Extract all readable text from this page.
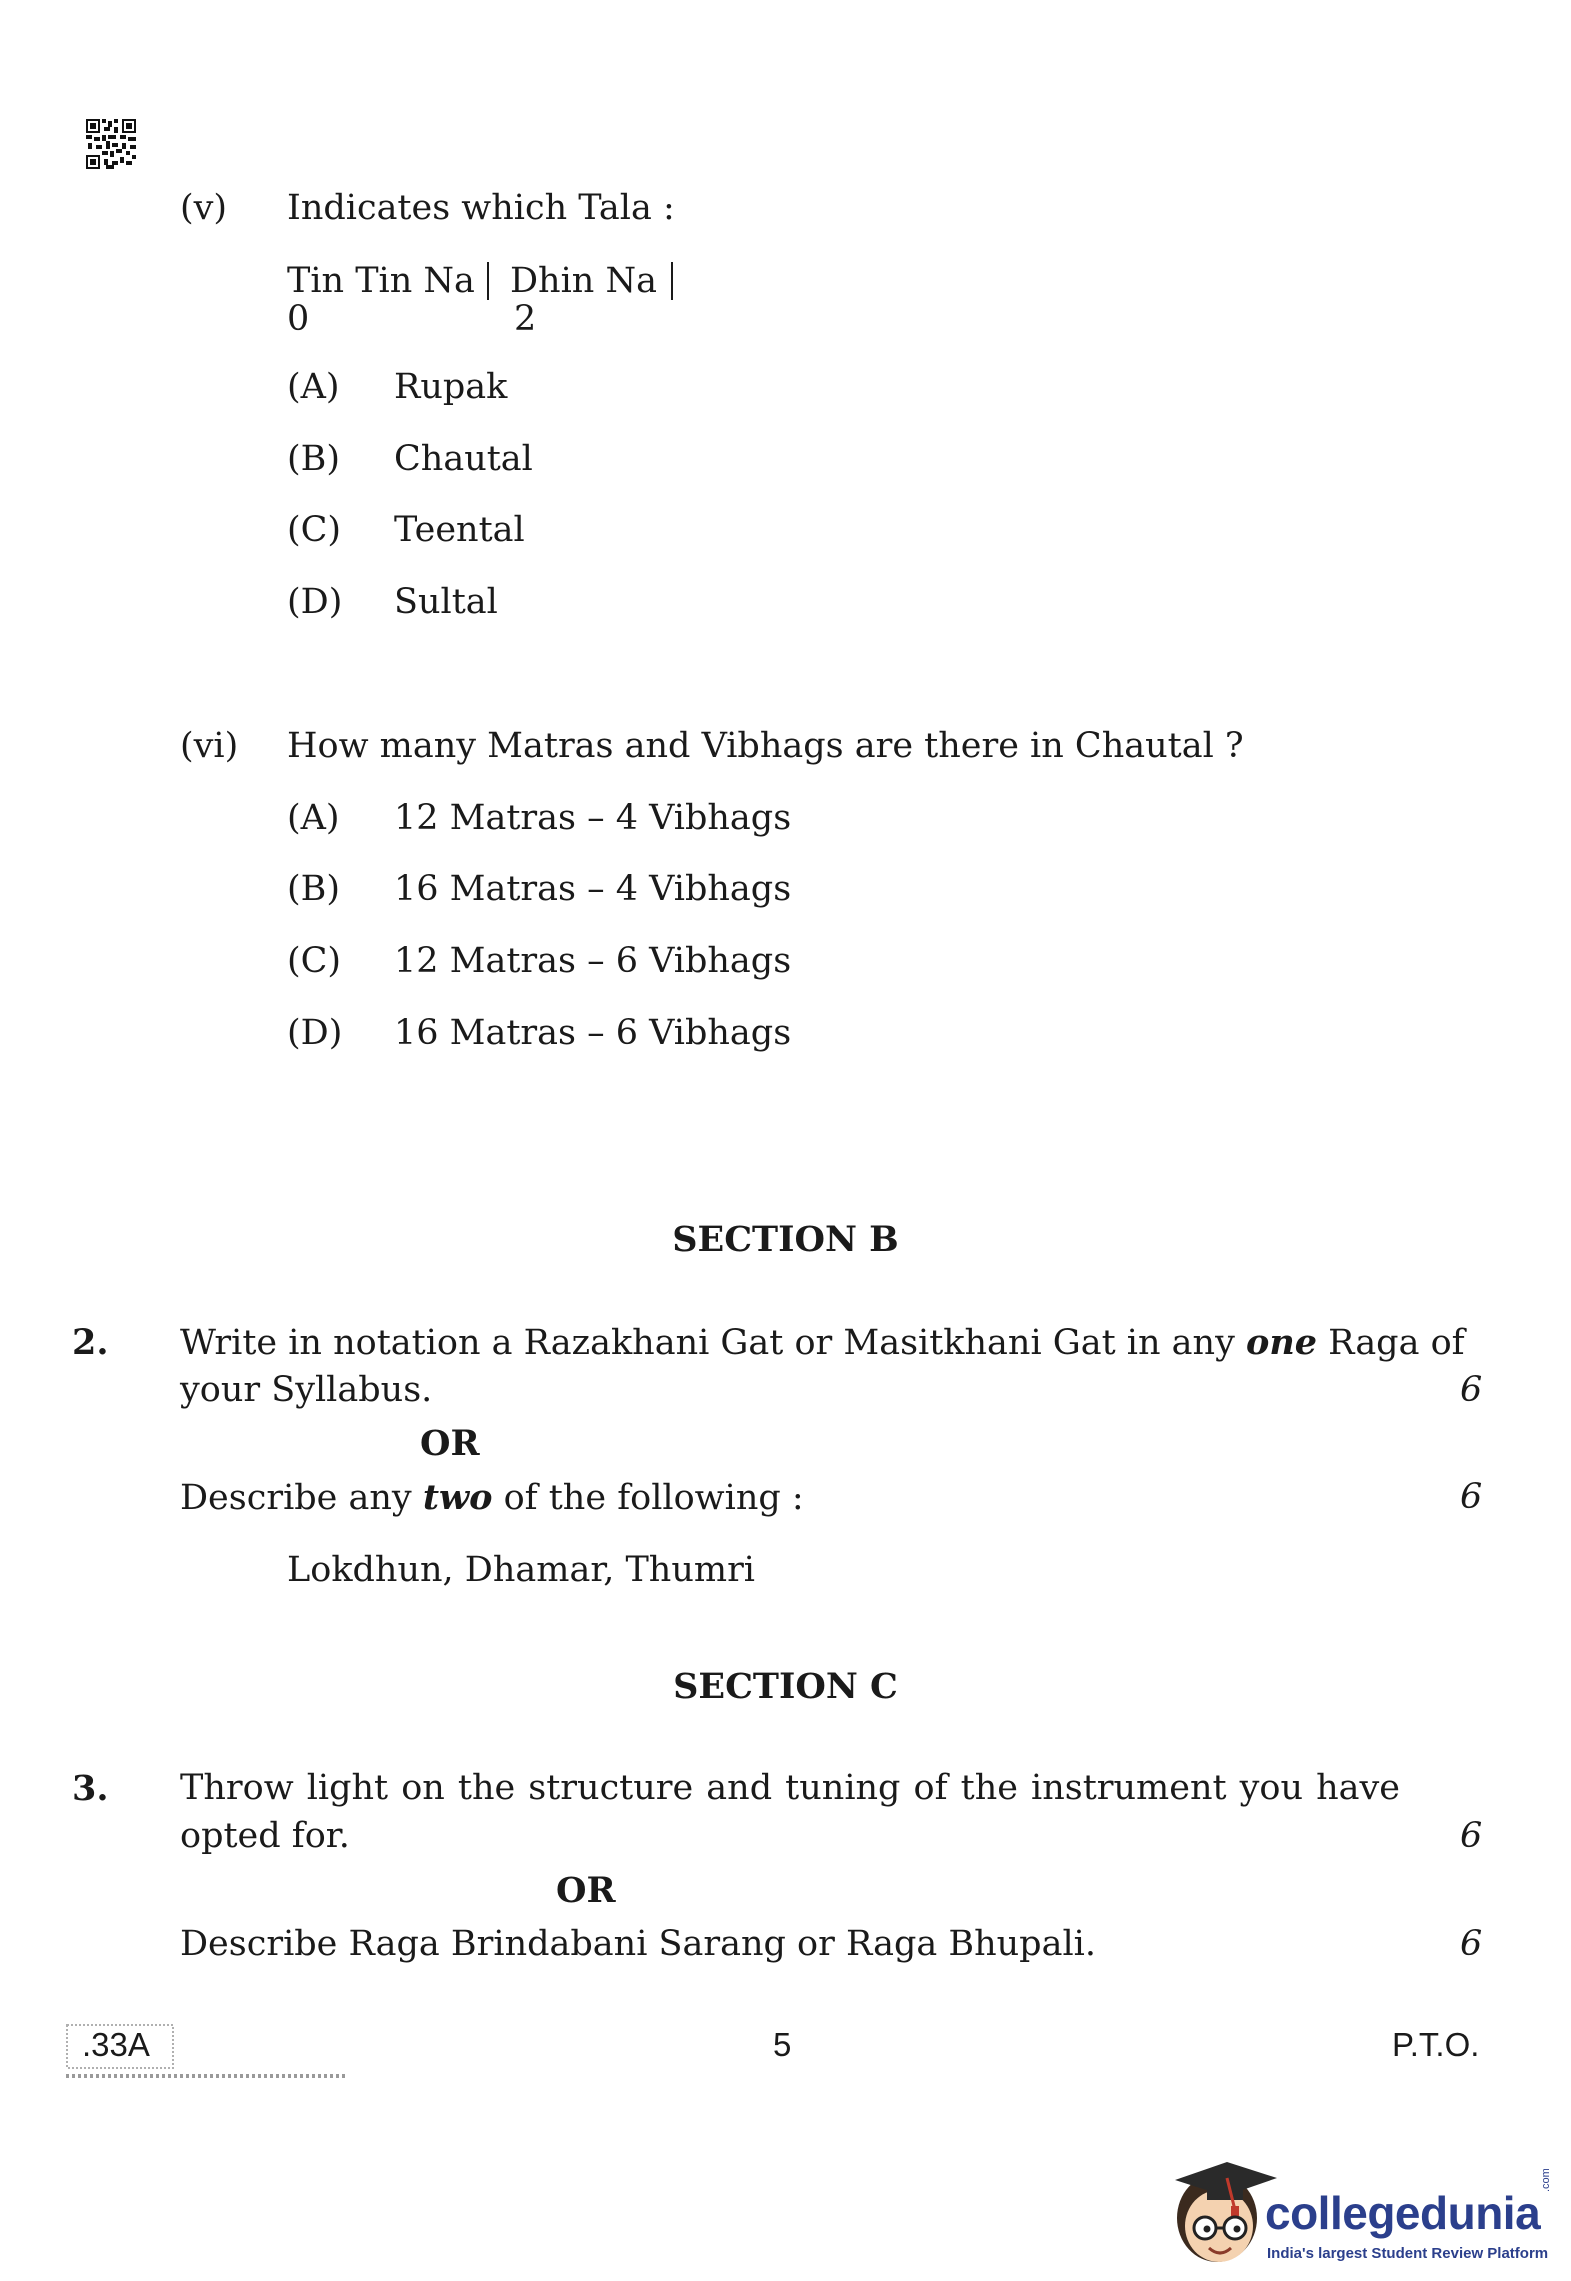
(v) Indicates which Tala :
Tin Tin Na Dhin Na
0	2
(A) Rupak
(B) Chautal
(C) Teental
(D) Sultal
(vi) How many Matras and Vibhags are there in Chautal ?
(A) 12 Matras – 4 Vibhags
(B) 16 Matras – 4 Vibhags
(C) 12 Matras – 6 Vibhags
(D) 16 Matras – 6 Vibhags
SECTION B
2. Write in notation a Razakhani Gat or Masitkhani Gat in any one Raga of
your Syllabus.	6
OR
Describe any two of the following :	6
Lokdhun, Dhamar, Thumri
SECTION C
3. Throw light on the structure and tuning of the instrument you have
opted for.	6
OR
Describe Raga Brindabani Sarang or Raga Bhupali.	6
.33A	5	P.T.O.
collegedunia
.com
India's largest Student Review Platform
